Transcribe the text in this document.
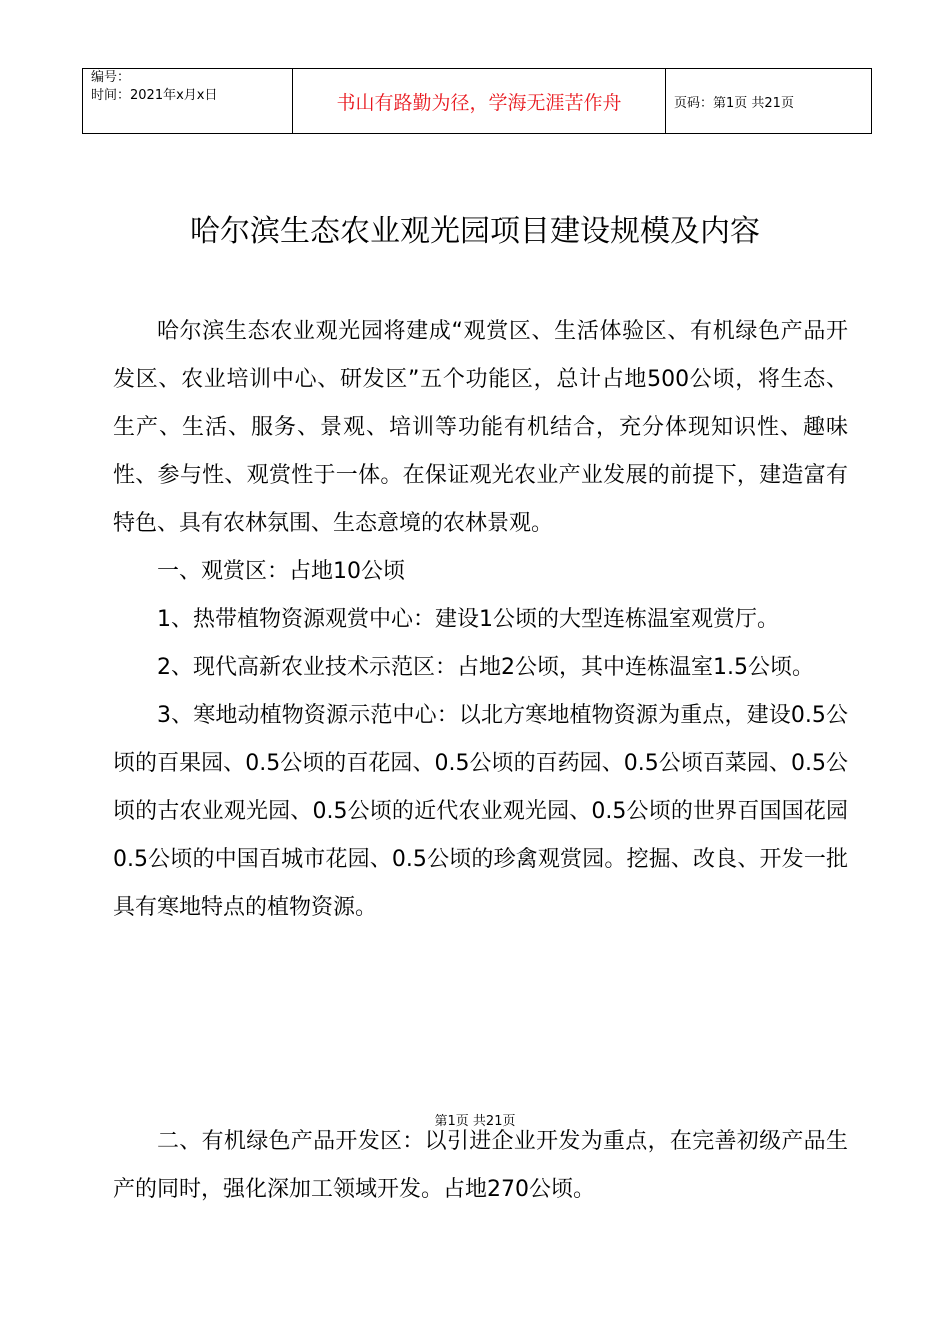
编号：
时间：2021年x月x日	书山有路勤为径，学海无涯苦作舟	页码：第1页 共21页
哈尔滨生态农业观光园项目建设规模及内容

哈尔滨生态农业观光园将建成“观赏区、生活体验区、有机绿色产品开发区、农业培训中心、研发区”五个功能区，总计占地500公顷，将生态、生产、生活、服务、景观、培训等功能有机结合，充分体现知识性、趣味性、参与性、观赏性于一体。在保证观光农业产业发展的前提下，建造富有特色、具有农林氛围、生态意境的农林景观。

一、观赏区：占地10公顷

1、热带植物资源观赏中心：建设1公顷的大型连栋温室观赏厅。

2、现代高新农业技术示范区：占地2公顷，其中连栋温室1.5公顷。

3、寒地动植物资源示范中心：以北方寒地植物资源为重点，建设0.5公顷的百果园、0.5公顷的百花园、0.5公顷的百药园、0.5公顷百菜园、0.5公顷的古农业观光园、0.5公顷的近代农业观光园、0.5公顷的世界百国国花园0.5公顷的中国百城市花园、0.5公顷的珍禽观赏园。挖掘、改良、开发一批具有寒地特点的植物资源。

第1页 共21页

二、有机绿色产品开发区：以引进企业开发为重点，在完善初级产品生产的同时，强化深加工领域开发。占地270公顷。
